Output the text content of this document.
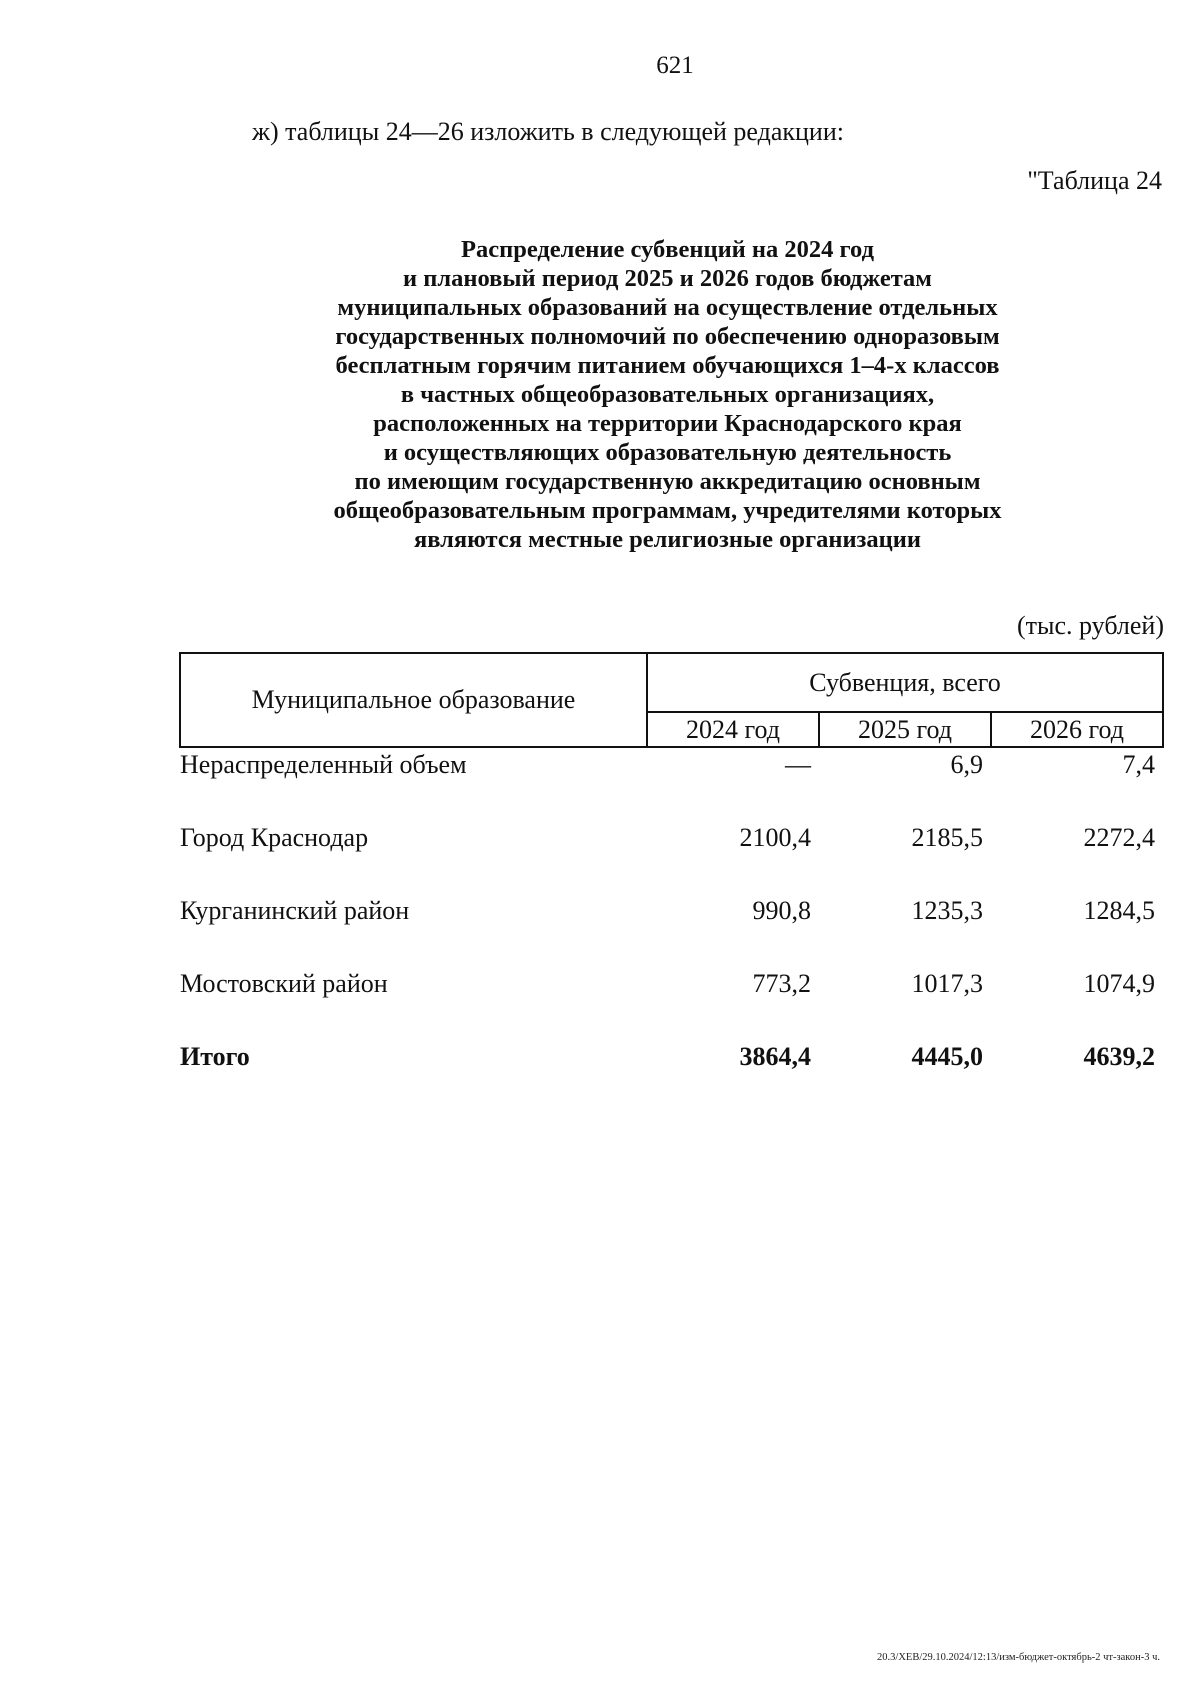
621
ж) таблицы 24—26 изложить в следующей редакции:
"Таблица 24
Распределение субвенций на 2024 год
и плановый период 2025 и 2026 годов бюджетам
муниципальных образований на осуществление отдельных
государственных полномочий по обеспечению одноразовым
бесплатным горячим питанием обучающихся 1–4-х классов
в частных общеобразовательных организациях,
расположенных на территории Краснодарского края
и осуществляющих образовательную деятельность
по имеющим государственную аккредитацию основным
общеобразовательным программам, учредителями которых
являются местные религиозные организации
(тыс. рублей)
Муниципальное образование	Субвенция, всего		
	2024 год	2025 год	2026 год
Нераспределенный объем	—	6,9	7,4
Город Краснодар	2100,4	2185,5	2272,4
Курганинский район	990,8	1235,3	1284,5
Мостовский район	773,2	1017,3	1074,9
Итого	3864,4	4445,0	4639,2
20.3/ХЕВ/29.10.2024/12:13/изм-бюджет-октябрь-2 чт-закон-3 ч.
